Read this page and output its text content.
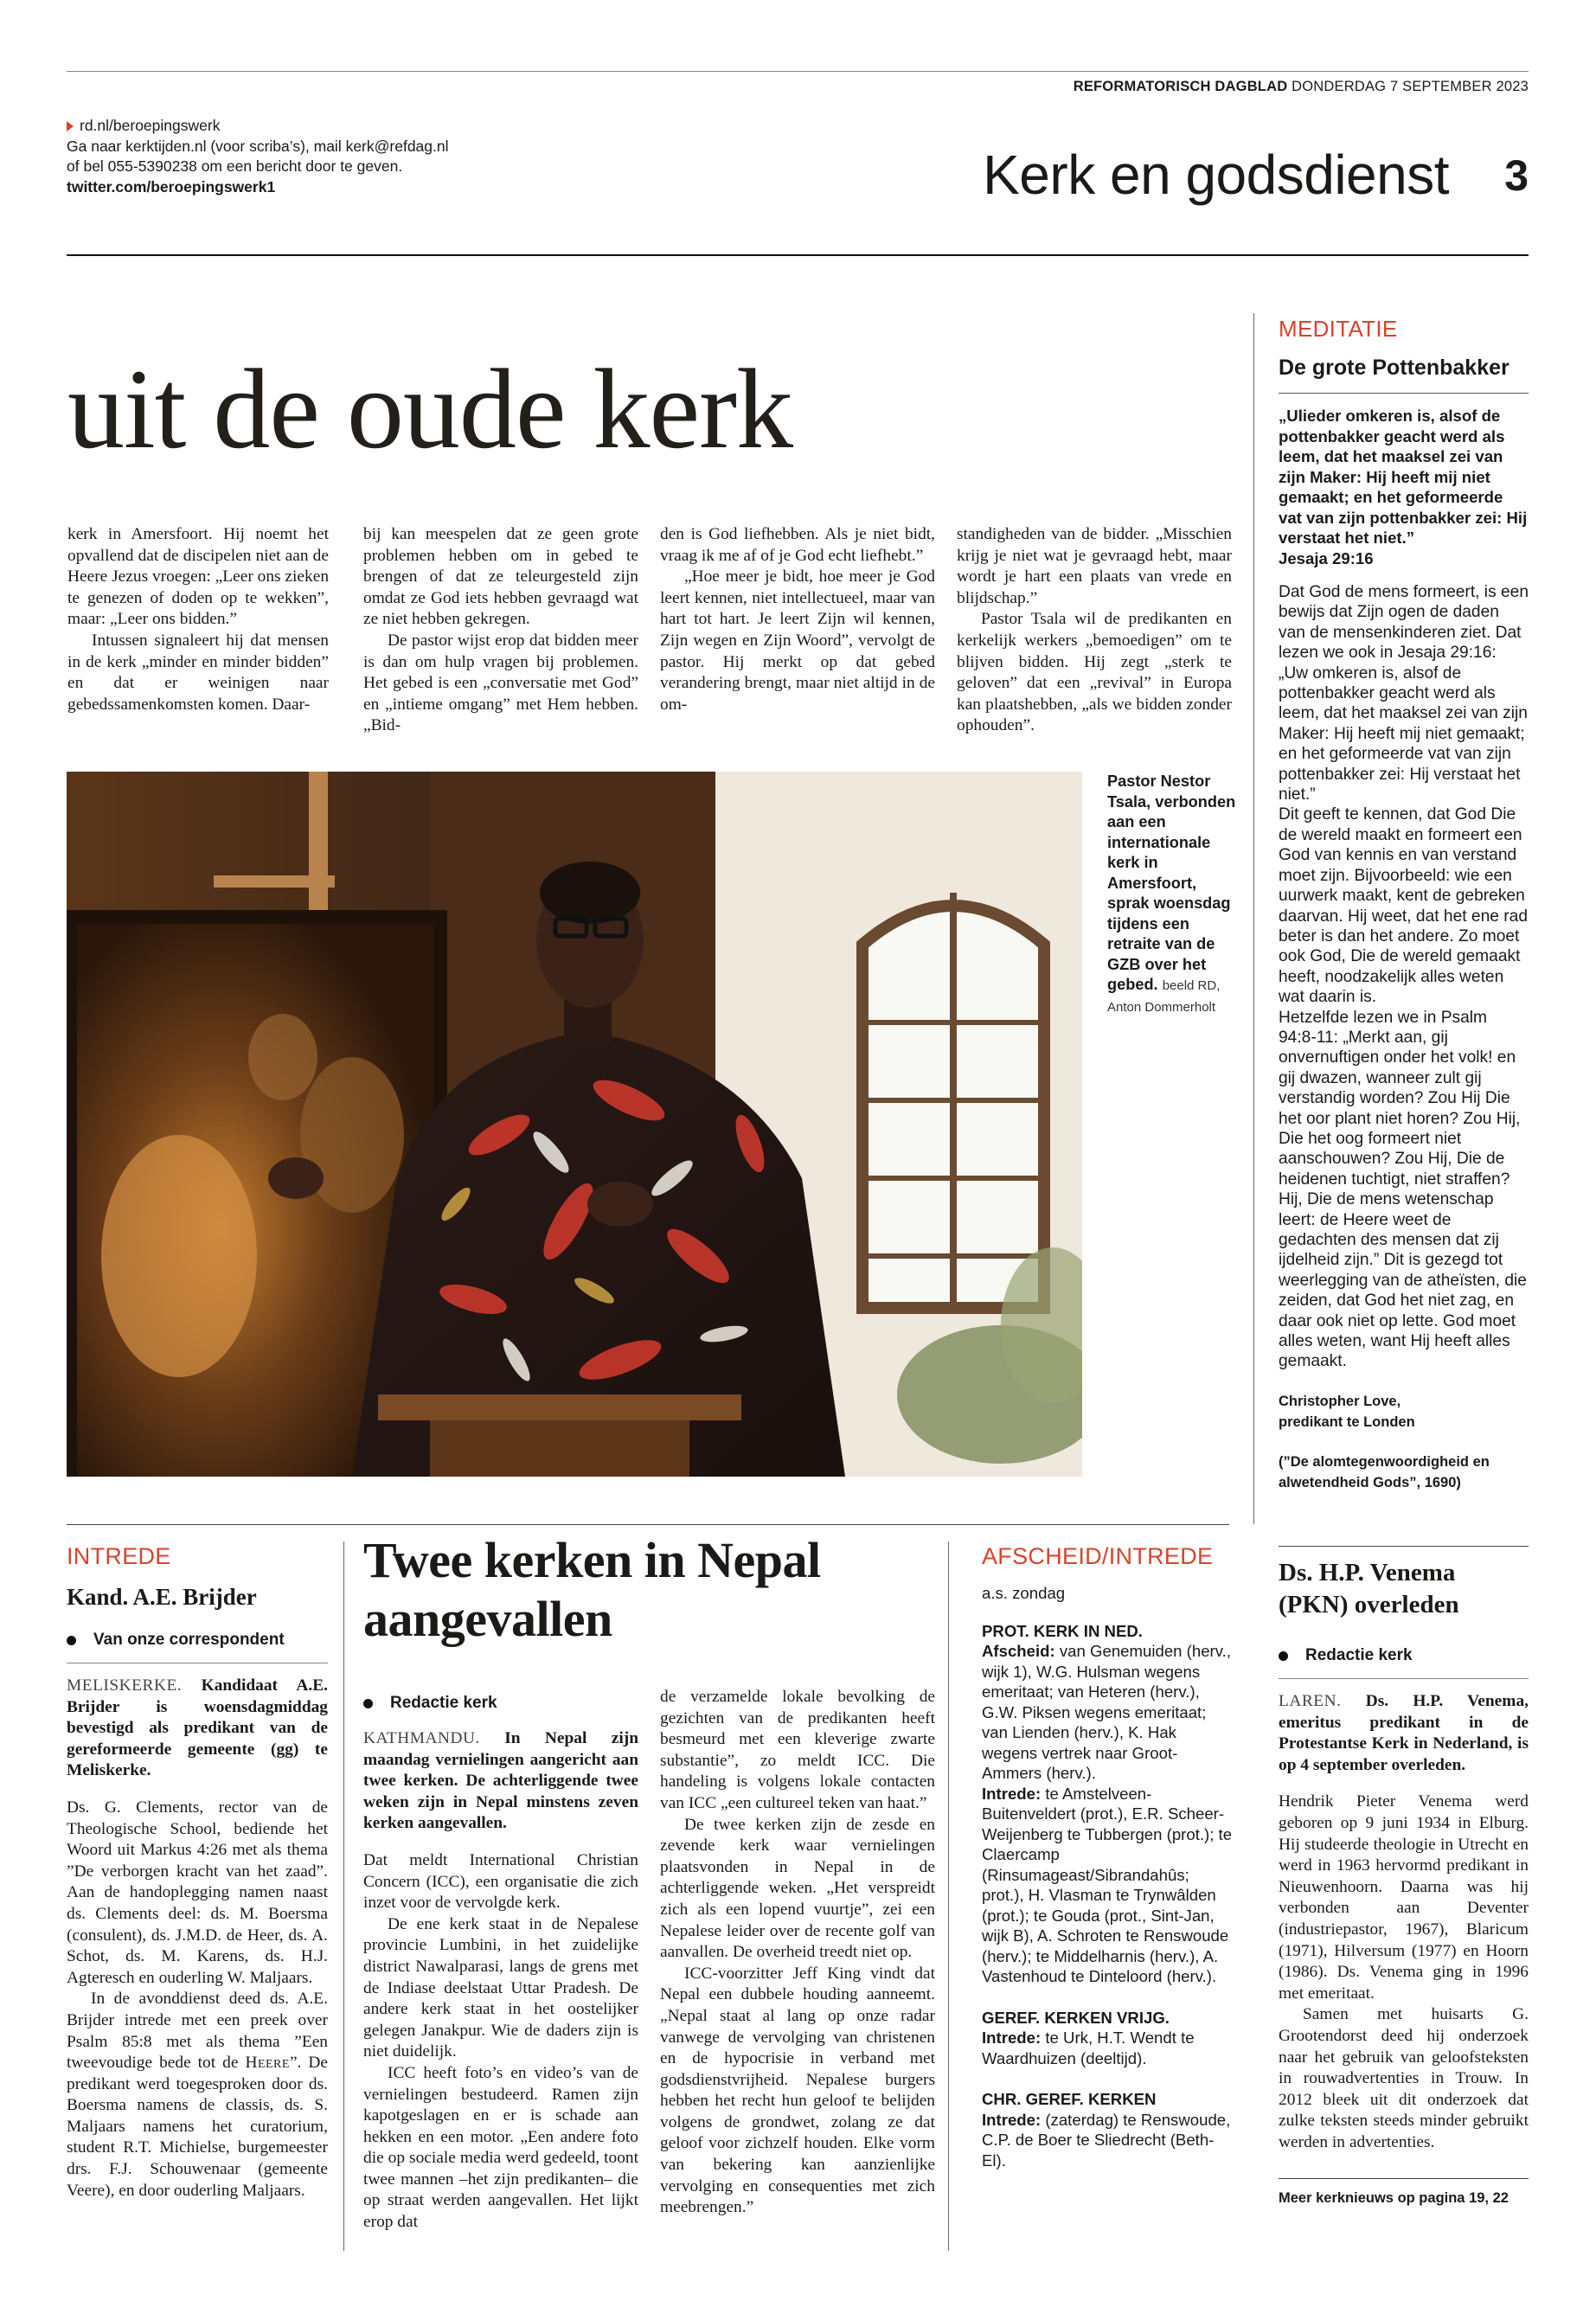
REFORMATORISCH DAGBLAD DONDERDAG 7 SEPTEMBER 2023
rd.nl/beroepingswerk
Ga naar kerktijden.nl (voor scriba’s), mail kerk@refdag.nl
of bel 055-5390238 om een bericht door te geven.
twitter.com/beroepingswerk1	Kerk en godsdienst 3
uit de oude kerk

kerk in Amersfoort. Hij noemt het opvallend dat de discipelen niet aan de Heere Jezus vroegen: „Leer ons zieken te genezen of doden op te wekken”, maar: „Leer ons bidden.”

Intussen signaleert hij dat mensen in de kerk „minder en minder bidden” en dat er weinigen naar gebedssamenkomsten komen. Daar-

bij kan meespelen dat ze geen grote problemen hebben om in gebed te brengen of dat ze teleurgesteld zijn omdat ze God iets hebben gevraagd wat ze niet hebben gekregen.

De pastor wijst erop dat bidden meer is dan om hulp vragen bij problemen. Het gebed is een „conversatie met God” en „intieme omgang” met Hem hebben. „Bid-

den is God liefhebben. Als je niet bidt, vraag ik me af of je God echt liefhebt.”

„Hoe meer je bidt, hoe meer je God leert kennen, niet intellectueel, maar van hart tot hart. Je leert Zijn wil kennen, Zijn wegen en Zijn Woord”, vervolgt de pastor. Hij merkt op dat gebed verandering brengt, maar niet altijd in de om-

standigheden van de bidder. „Misschien krijg je niet wat je gevraagd hebt, maar wordt je hart een plaats van vrede en blijdschap.”

Pastor Tsala wil de predikanten en kerkelijk werkers „bemoedigen” om te blijven bidden. Hij zegt „sterk te geloven” dat een „revival” in Europa kan plaatshebben, „als we bidden zonder ophouden”.

Pastor Nestor Tsala, verbonden aan een internationale kerk in Amersfoort, sprak woensdag tijdens een retraite van de GZB over het gebed. beeld RD, Anton Dommerholt
MEDITATIE
De grote Pottenbakker
„Ulieder omkeren is, alsof de pottenbakker geacht werd als leem, dat het maaksel zei van zijn Maker: Hij heeft mij niet gemaakt; en het geformeerde vat van zijn pottenbakker zei: Hij verstaat het niet.”
Jesaja 29:16
Dat God de mens formeert, is een bewijs dat Zijn ogen de daden van de mensenkinderen ziet. Dat lezen we ook in Jesaja 29:16: „Uw omkeren is, alsof de pottenbakker geacht werd als leem, dat het maaksel zei van zijn Maker: Hij heeft mij niet gemaakt; en het geformeerde vat van zijn pottenbakker zei: Hij verstaat het niet.”
Dit geeft te kennen, dat God Die de wereld maakt en formeert een God van kennis en van verstand moet zijn. Bijvoorbeeld: wie een uurwerk maakt, kent de gebreken daarvan. Hij weet, dat het ene rad beter is dan het andere. Zo moet ook God, Die de wereld gemaakt heeft, noodzakelijk alles weten wat daarin is.
Hetzelfde lezen we in Psalm 94:8-11: „Merkt aan, gij onvernuftigen onder het volk! en gij dwazen, wanneer zult gij verstandig worden? Zou Hij Die het oor plant niet horen? Zou Hij, Die het oog formeert niet aanschouwen? Zou Hij, Die de heidenen tuchtigt, niet straffen? Hij, Die de mens wetenschap leert: de Heere weet de gedachten des mensen dat zij ijdelheid zijn.” Dit is gezegd tot weerlegging van de atheïsten, die zeiden, dat God het niet zag, en daar ook niet op lette. God moet alles weten, want Hij heeft alles gemaakt.
Christopher Love,
predikant te Londen
(”De alomtegenwoordigheid en alwetendheid Gods”, 1690)
INTREDE
Kand. A.E. Brijder
Van onze correspondent

MELISKERKE. Kandidaat A.E. Brijder is woensdagmiddag bevestigd als predikant van de gereformeerde gemeente (gg) te Meliskerke.

Ds. G. Clements, rector van de Theologische School, bediende het Woord uit Markus 4:26 met als thema ”De verborgen kracht van het zaad”. Aan de handoplegging namen naast ds. Clements deel: ds. M. Boersma (consulent), ds. J.M.D. de Heer, ds. A. Schot, ds. M. Karens, ds. H.J. Agteresch en ouderling W. Maljaars.

In de avonddienst deed ds. A.E. Brijder intrede met een preek over Psalm 85:8 met als thema ”Een tweevoudige bede tot de Heere”. De predikant werd toegesproken door ds. Boersma namens de classis, ds. S. Maljaars namens het curatorium, student R.T. Michielse, burgemeester drs. F.J. Schouwenaar (gemeente Veere), en door ouderling Maljaars.

Twee kerken in Nepal aangevallen
Redactie kerk

KATHMANDU. In Nepal zijn maandag vernielingen aangericht aan twee kerken. De achterliggende twee weken zijn in Nepal minstens zeven kerken aangevallen.

Dat meldt International Christian Concern (ICC), een organisatie die zich inzet voor de vervolgde kerk.

De ene kerk staat in de Nepalese provincie Lumbini, in het zuidelijke district Nawalparasi, langs de grens met de Indiase deelstaat Uttar Pradesh. De andere kerk staat in het oostelijker gelegen Janakpur. Wie de daders zijn is niet duidelijk.

ICC heeft foto’s en video’s van de vernielingen bestudeerd. Ramen zijn kapotgeslagen en er is schade aan hekken en een motor. „Een andere foto die op sociale media werd gedeeld, toont twee mannen –het zijn predikanten– die op straat werden aangevallen. Het lijkt erop dat

de verzamelde lokale bevolking de gezichten van de predikanten heeft besmeurd met een kleverige zwarte substantie”, zo meldt ICC. Die handeling is volgens lokale contacten van ICC „een cultureel teken van haat.”

De twee kerken zijn de zesde en zevende kerk waar vernielingen plaatsvonden in Nepal in de achterliggende weken. „Het verspreidt zich als een lopend vuurtje”, zei een Nepalese leider over de recente golf van aanvallen. De overheid treedt niet op.

ICC-voorzitter Jeff King vindt dat Nepal een dubbele houding aanneemt. „Nepal staat al lang op onze radar vanwege de vervolging van christenen en de hypocrisie in verband met godsdienstvrijheid. Nepalese burgers hebben het recht hun geloof te belijden volgens de grondwet, zolang ze dat geloof voor zichzelf houden. Elke vorm van bekering kan aanzienlijke vervolging en consequenties met zich meebrengen.”

AFSCHEID/INTREDE
a.s. zondag
PROT. KERK IN NED.

Afscheid: van Genemuiden (herv., wijk 1), W.G. Hulsman wegens emeritaat; van Heteren (herv.), G.W. Piksen wegens emeritaat; van Lienden (herv.), K. Hak wegens vertrek naar Groot-Ammers (herv.).

Intrede: te Amstelveen-Buitenveldert (prot.), E.R. Scheer-Weijenberg te Tubbergen (prot.); te Claercamp (Rinsumageast/Sibrandahûs; prot.), H. Vlasman te Trynwâlden (prot.); te Gouda (prot., Sint-Jan, wijk B), A. Schroten te Renswoude (herv.); te Middelharnis (herv.), A. Vastenhoud te Dinteloord (herv.).

GEREF. KERKEN VRIJG.

Intrede: te Urk, H.T. Wendt te Waardhuizen (deeltijd).

CHR. GEREF. KERKEN

Intrede: (zaterdag) te Renswoude, C.P. de Boer te Sliedrecht (Beth-El).

Ds. H.P. Venema (PKN) overleden
Redactie kerk

LAREN. Ds. H.P. Venema, emeritus predikant in de Protestantse Kerk in Nederland, is op 4 september overleden.

Hendrik Pieter Venema werd geboren op 9 juni 1934 in Elburg. Hij studeerde theologie in Utrecht en werd in 1963 hervormd predikant in Nieuwenhoorn. Daarna was hij verbonden aan Deventer (industriepastor, 1967), Blaricum (1971), Hilversum (1977) en Hoorn (1986). Ds. Venema ging in 1996 met emeritaat.

Samen met huisarts G. Grootendorst deed hij onderzoek naar het gebruik van geloofsteksten in rouwadvertenties in Trouw. In 2012 bleek uit dit onderzoek dat zulke teksten steeds minder gebruikt werden in advertenties.

Meer kerknieuws op pagina 19, 22
